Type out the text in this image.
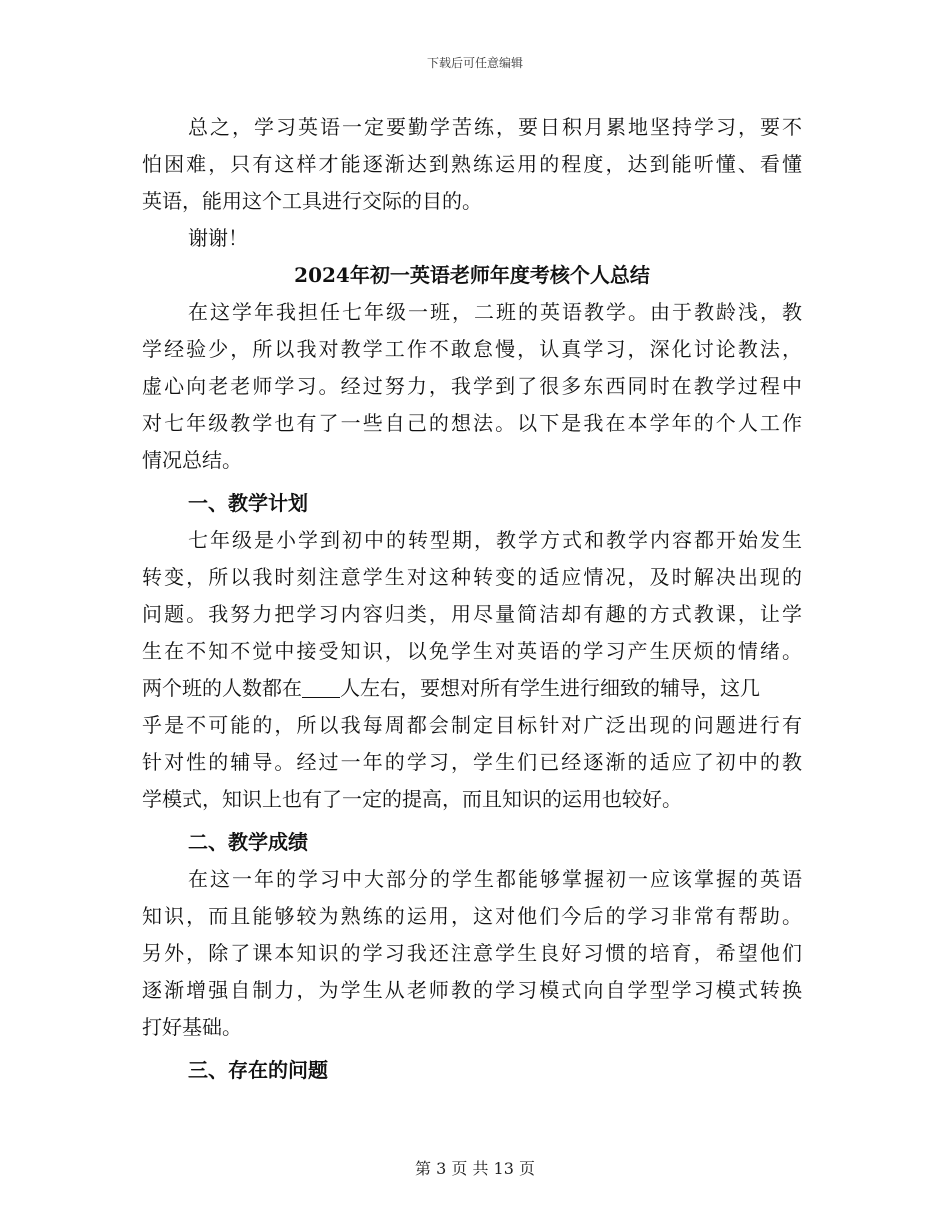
下载后可任意编辑
总之，学习英语一定要勤学苦练，要日积月累地坚持学习，要不
怕困难，只有这样才能逐渐达到熟练运用的程度，达到能听懂、看懂
英语，能用这个工具进行交际的目的。
谢谢！
2024年初一英语老师年度考核个人总结
在这学年我担任七年级一班，二班的英语教学。由于教龄浅，教
学经验少，所以我对教学工作不敢怠慢，认真学习，深化讨论教法，
虚心向老老师学习。经过努力，我学到了很多东西同时在教学过程中
对七年级教学也有了一些自己的想法。以下是我在本学年的个人工作
情况总结。
一、教学计划
七年级是小学到初中的转型期，教学方式和教学内容都开始发生
转变，所以我时刻注意学生对这种转变的适应情况，及时解决出现的
问题。我努力把学习内容归类，用尽量简洁却有趣的方式教课，让学
生在不知不觉中接受知识，以免学生对英语的学习产生厌烦的情绪。
两个班的人数都在 人左右，要想对所有学生进行细致的辅导，这几
乎是不可能的，所以我每周都会制定目标针对广泛出现的问题进行有
针对性的辅导。经过一年的学习，学生们已经逐渐的适应了初中的教
学模式，知识上也有了一定的提高，而且知识的运用也较好。
二、教学成绩
在这一年的学习中大部分的学生都能够掌握初一应该掌握的英语
知识，而且能够较为熟练的运用，这对他们今后的学习非常有帮助。
另外，除了课本知识的学习我还注意学生良好习惯的培育，希望他们
逐渐增强自制力，为学生从老师教的学习模式向自学型学习模式转换
打好基础。
三、存在的问题
第 3 页 共 13 页
